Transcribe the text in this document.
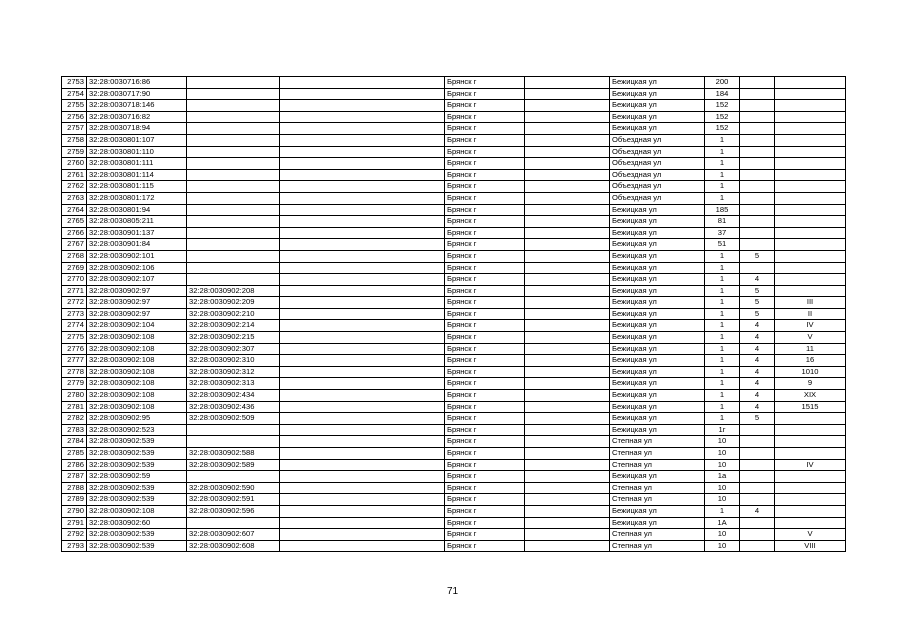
2753	32:28:0030716:86			Брянск г		Бежицкая ул	200		
2754	32:28:0030717:90			Брянск г		Бежицкая ул	184		
2755	32:28:0030718:146			Брянск г		Бежицкая ул	152		
2756	32:28:0030716:82			Брянск г		Бежицкая ул	152		
2757	32:28:0030718:94			Брянск г		Бежицкая ул	152		
2758	32:28:0030801:107			Брянск г		Объездная ул	1		
2759	32:28:0030801:110			Брянск г		Объездная ул	1		
2760	32:28:0030801:111			Брянск г		Объездная ул	1		
2761	32:28:0030801:114			Брянск г		Объездная ул	1		
2762	32:28:0030801:115			Брянск г		Объездная ул	1		
2763	32:28:0030801:172			Брянск г		Объездная ул	1		
2764	32:28:0030801:94			Брянск г		Бежицкая ул	185		
2765	32:28:0030805:211			Брянск г		Бежицкая ул	81		
2766	32:28:0030901:137			Брянск г		Бежицкая ул	37		
2767	32:28:0030901:84			Брянск г		Бежицкая ул	51		
2768	32:28:0030902:101			Брянск г		Бежицкая ул	1	5	
2769	32:28:0030902:106			Брянск г		Бежицкая ул	1		
2770	32:28:0030902:107			Брянск г		Бежицкая ул	1	4	
2771	32:28:0030902:97	32:28:0030902:208		Брянск г		Бежицкая ул	1	5	
2772	32:28:0030902:97	32:28:0030902:209		Брянск г		Бежицкая ул	1	5	III
2773	32:28:0030902:97	32:28:0030902:210		Брянск г		Бежицкая ул	1	5	II
2774	32:28:0030902:104	32:28:0030902:214		Брянск г		Бежицкая ул	1	4	IV
2775	32:28:0030902:108	32:28:0030902:215		Брянск г		Бежицкая ул	1	4	V
2776	32:28:0030902:108	32:28:0030902:307		Брянск г		Бежицкая ул	1	4	11
2777	32:28:0030902:108	32:28:0030902:310		Брянск г		Бежицкая ул	1	4	16
2778	32:28:0030902:108	32:28:0030902:312		Брянск г		Бежицкая ул	1	4	1010
2779	32:28:0030902:108	32:28:0030902:313		Брянск г		Бежицкая ул	1	4	9
2780	32:28:0030902:108	32:28:0030902:434		Брянск г		Бежицкая ул	1	4	XIX
2781	32:28:0030902:108	32:28:0030902:436		Брянск г		Бежицкая ул	1	4	1515
2782	32:28:0030902:95	32:28:0030902:509		Брянск г		Бежицкая ул	1	5	
2783	32:28:0030902:523			Брянск г		Бежицкая ул	1г		
2784	32:28:0030902:539			Брянск г		Степная ул	10		
2785	32:28:0030902:539	32:28:0030902:588		Брянск г		Степная ул	10		
2786	32:28:0030902:539	32:28:0030902:589		Брянск г		Степная ул	10		IV
2787	32:28:0030902:59			Брянск г		Бежицкая ул	1а		
2788	32:28:0030902:539	32:28:0030902:590		Брянск г		Степная ул	10		
2789	32:28:0030902:539	32:28:0030902:591		Брянск г		Степная ул	10		
2790	32:28:0030902:108	32:28:0030902:596		Брянск г		Бежицкая ул	1	4	
2791	32:28:0030902:60			Брянск г		Бежицкая ул	1А		
2792	32:28:0030902:539	32:28:0030902:607		Брянск г		Степная ул	10		V
2793	32:28:0030902:539	32:28:0030902:608		Брянск г		Степная ул	10		VIII
71
